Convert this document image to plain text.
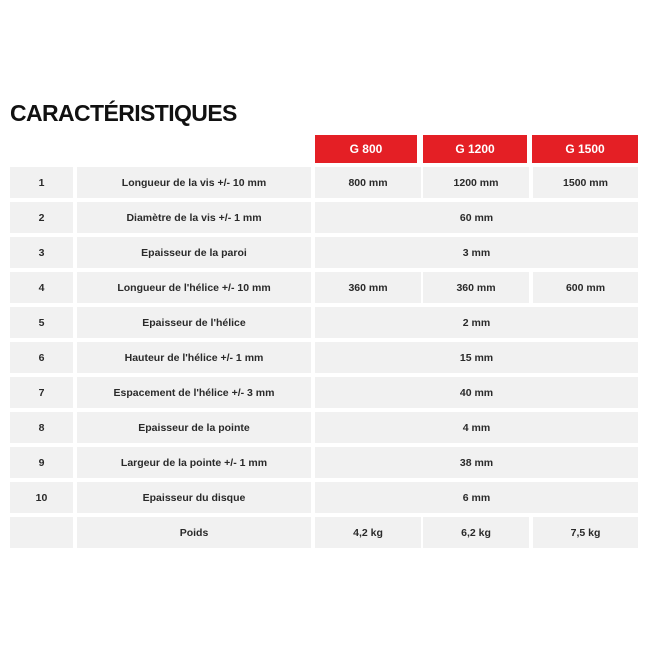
CARACTÉRISTIQUES
G 800	G 1200	G 1500
1	Longueur de la vis +/- 10 mm	800 mm	1200 mm	1500 mm
2	Diamètre de la vis +/- 1 mm	60 mm
3	Epaisseur de la paroi	3 mm
4	Longueur de l'hélice +/- 10 mm	360 mm	360 mm	600 mm
5	Epaisseur de l'hélice	2 mm
6	Hauteur de l'hélice +/- 1 mm	15 mm
7	Espacement de l'hélice +/- 3 mm	40 mm
8	Epaisseur de la pointe	4 mm
9	Largeur de la pointe +/- 1 mm	38 mm
10	Epaisseur du disque	6 mm
Poids	4,2 kg	6,2 kg	7,5 kg
